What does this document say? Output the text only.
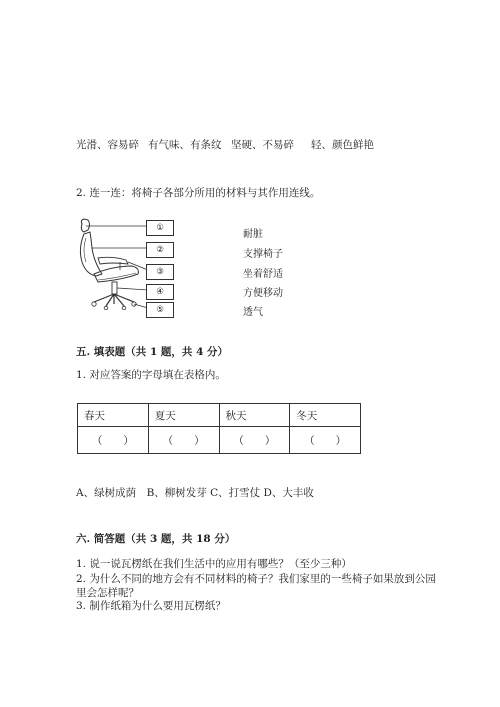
光滑、容易碎 有气味、有条纹 坚硬、不易碎 轻、颜色鲜艳
2. 连一连：将椅子各部分所用的材料与其作用连线。
①
②
③
④
⑤
耐脏
支撑椅子
坐着舒适
方便移动
透气
五. 填表题（共 1 题，共 4 分）
1. 对应答案的字母填在表格内。
春天	夏天	秋天	冬天
（　　）	（　　）	（　　）	（　　）
A、绿树成荫　B、柳树发芽 C、打雪仗 D、大丰收
六. 简答题（共 3 题，共 18 分）
1. 说一说瓦楞纸在我们生活中的应用有哪些？（至少三种）
2. 为什么不同的地方会有不同材料的椅子？我们家里的一些椅子如果放到公园
里会怎样呢？
3. 制作纸箱为什么要用瓦楞纸？
